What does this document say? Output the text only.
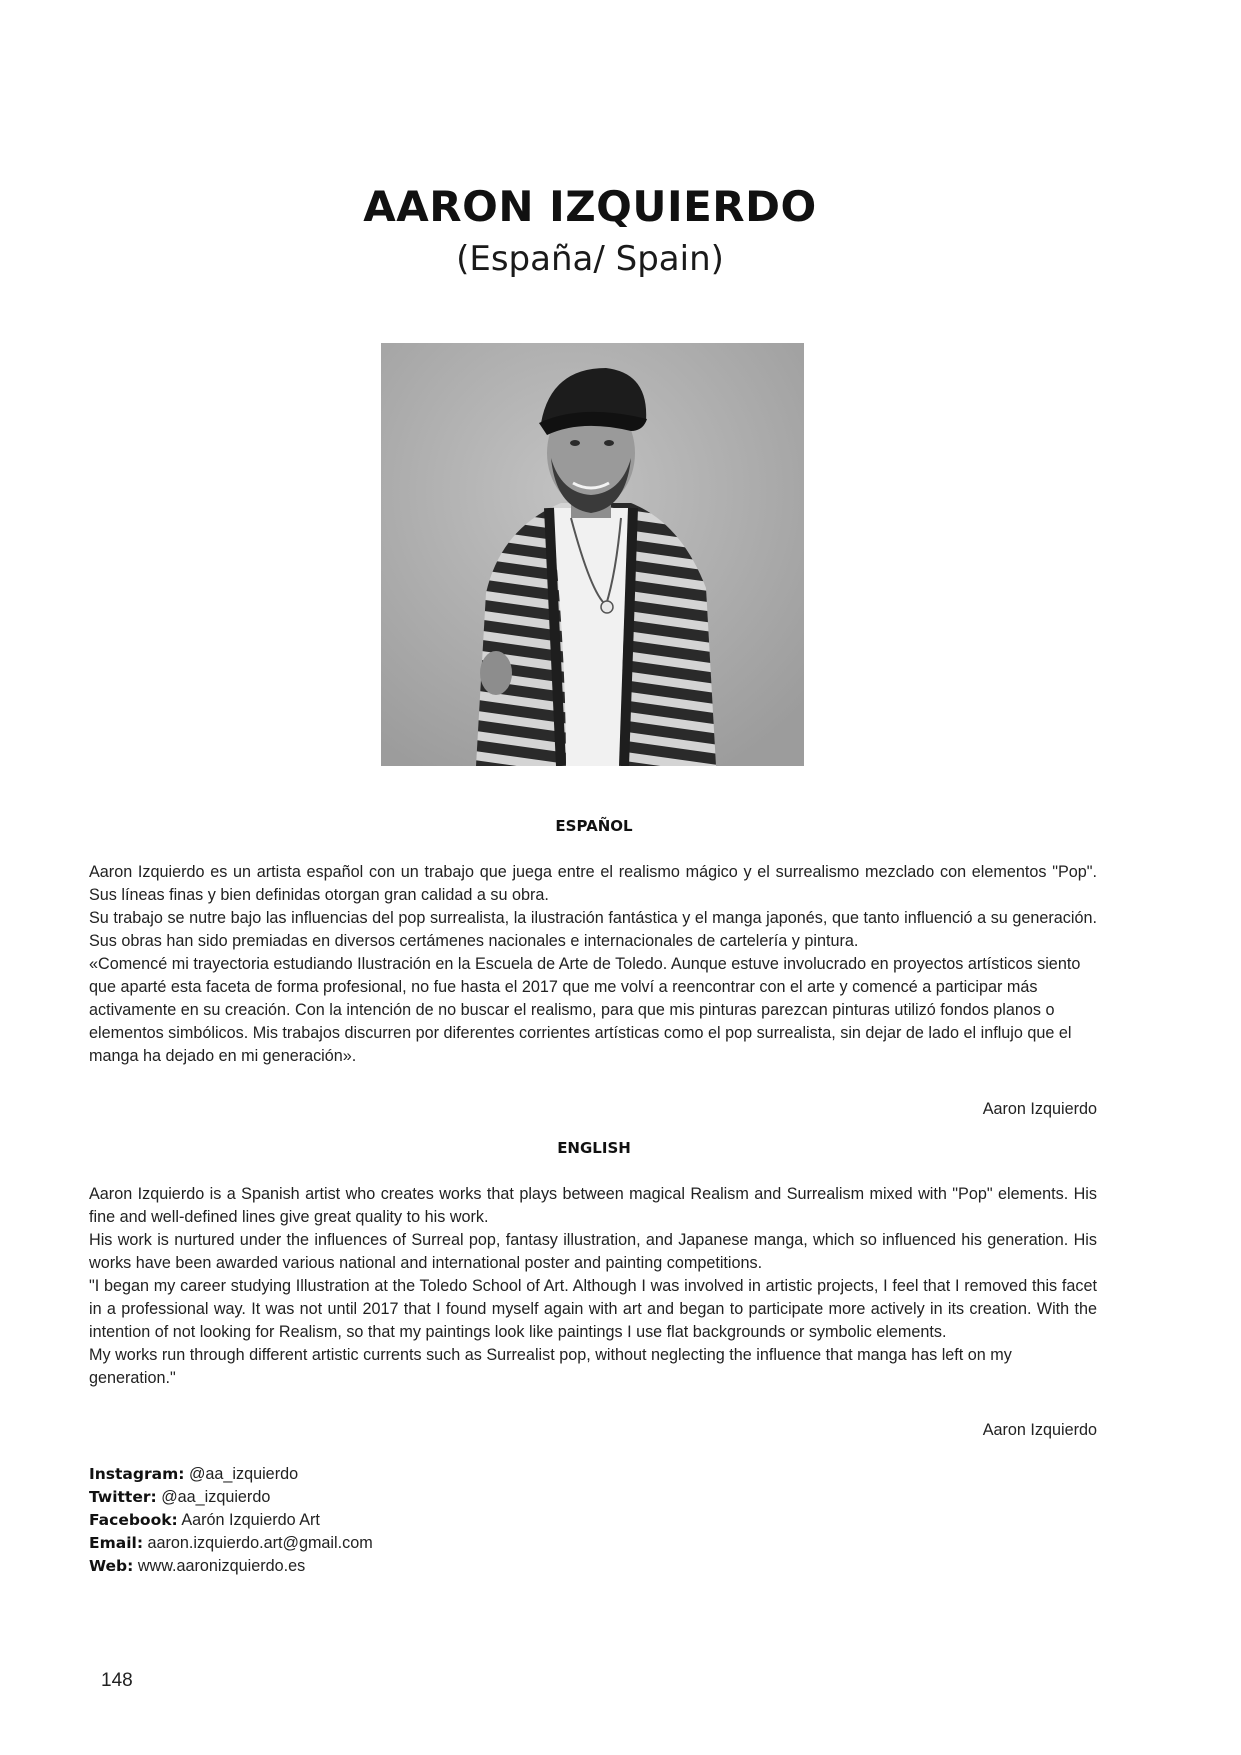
AARON IZQUIERDO
(España/ Spain)
ESPAÑOL

Aaron Izquierdo es un artista español con un trabajo que juega entre el realismo mágico y el surrealismo mezclado con elementos "Pop". Sus líneas finas y bien definidas otorgan gran calidad a su obra.

Su trabajo se nutre bajo las influencias del pop surrealista, la ilustración fantástica y el manga japonés, que tanto influenció a su generación. Sus obras han sido premiadas en diversos certámenes nacionales e internacionales de cartelería y pintura.

«Comencé mi trayectoria estudiando Ilustración en la Escuela de Arte de Toledo. Aunque estuve involucrado en proyectos artísticos siento que aparté esta faceta de forma profesional, no fue hasta el 2017 que me volví a reencontrar con el arte y comencé a participar más activamente en su creación. Con la intención de no buscar el realismo, para que mis pinturas parezcan pinturas utilizó fondos planos o elementos simbólicos. Mis trabajos discurren por diferentes corrientes artísticas como el pop surrealista, sin dejar de lado el influjo que el manga ha dejado en mi generación».

Aaron Izquierdo
ENGLISH

Aaron Izquierdo is a Spanish artist who creates works that plays between magical Realism and Surrealism mixed with "Pop" elements. His fine and well-defined lines give great quality to his work.

His work is nurtured under the influences of Surreal pop, fantasy illustration, and Japanese manga, which so influenced his generation. His works have been awarded various national and international poster and painting competitions.

"I began my career studying Illustration at the Toledo School of Art. Although I was involved in artistic projects, I feel that I removed this facet in a professional way. It was not until 2017 that I found myself again with art and began to participate more actively in its creation. With the intention of not looking for Realism, so that my paintings look like paintings I use flat backgrounds or symbolic elements.

My works run through different artistic currents such as Surrealist pop, without neglecting the influence that manga has left on my generation."

Aaron Izquierdo
Instagram: @aa_izquierdo
Twitter: @aa_izquierdo
Facebook: Aarón Izquierdo Art
Email: aaron.izquierdo.art@gmail.com
Web: www.aaronizquierdo.es
148
